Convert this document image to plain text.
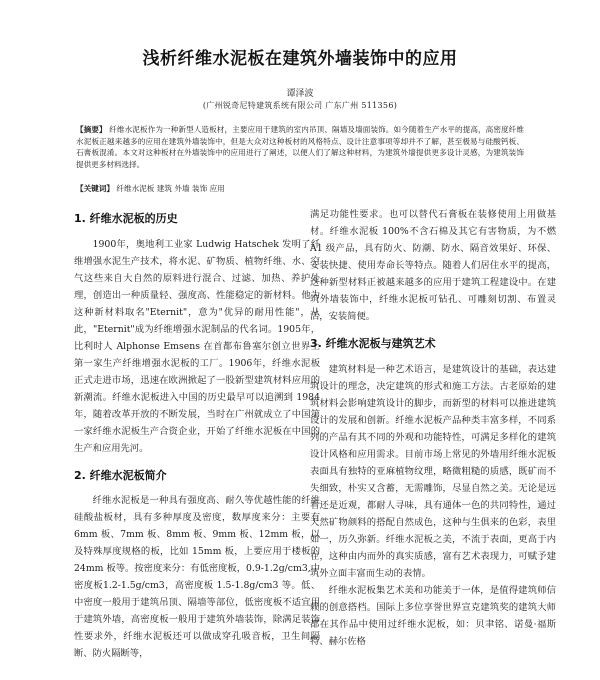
浅析纤维水泥板在建筑外墙装饰中的应用
谭泽波
(广州锐奇尼特建筑系统有限公司 广东广州 511356)
【摘要】 纤维水泥板作为一种新型人造板材，主要应用于建筑的室内吊顶、隔墙及墙面装饰。如今随着生产水平的提高，高密度纤维水泥板正越来越多的应用在建筑外墙装饰中，但是大众对这种板材的风格特点、设计注意事项等却并不了解，甚至极易与硅酸钙板、石膏板混淆。本文对这种板材在外墙装饰中的应用进行了阐述，以便人们了解这种材料，为建筑外墙提供更多设计灵感，为建筑装饰提供更多材料选择。
【关键词】 纤维水泥板 建筑 外墙 装饰 应用
1. 纤维水泥板的历史

1900年，奥地利工业家 Ludwig Hatschek 发明了纤维增强水泥生产技术，将水泥、矿物质、植物纤维、水、空气这些来自大自然的原料进行混合、过滤、加热、养护处理，创造出一种质量轻、强度高、性能稳定的新材料。他为这种新材料取名"Eternit"，意为"优异的耐用性能"，从此，"Eternit"成为纤维增强水泥制品的代名词。1905年，比利时人 Alphonse Emsens 在首都布鲁塞尔创立世界上第一家生产纤维增强水泥板的工厂。1906年，纤维水泥板正式走进市场，迅速在欧洲掀起了一股新型建筑材料应用的新潮流。纤维水泥板进入中国的历史最早可以追溯到 1984 年，随着改革开放的不断发展，当时在广州就成立了中国第一家纤维水泥板生产合资企业，开始了纤维水泥板在中国的生产和应用先河。

2. 纤维水泥板简介

纤维水泥板是一种具有强度高、耐久等优越性能的纤维硅酸盐板材，具有多种厚度及密度，数厚度来分：主要有 6mm 板、7mm 板、8mm 板、9mm 板、12mm 板，以及特殊厚度规格的板，比如 15mm 板，上要应用于楼板的 24mm 板等。按密度来分：有低密度板，0.9-1.2g/cm3,中密度板1.2-1.5g/cm3，高密度板 1.5-1.8g/cm3 等。低、中密度一般用于建筑吊顶、隔墙等部位，低密度板不适宜用于建筑外墙，高密度板一般用于建筑外墙装饰，除满足装饰性要求外，纤维水泥板还可以做成穿孔吸音板，卫生间隔断、防火隔断等，

满足功能性要求。也可以替代石膏板在装修使用上用做基材。纤维水泥板 100%不含石棉及其它有害物质，为不燃 A1 级产品，具有防火、防潮、防水、隔音效果好、环保、安装快捷、使用寿命长等特点。随着人们居住水平的提高，这种新型材料正被越来越多的应用于建筑工程建设中。在建筑外墙装饰中，纤维水泥板可钻孔、可雕刻切割、布置灵活，安装简便。

3. 纤维水泥板与建筑艺术

建筑材料是一种艺术语言，是建筑设计的基础，表达建筑设计的理念，决定建筑的形式和施工方法。古老原始的建筑材料会影响建筑设计的脚步，而新型的材料可以推进建筑设计的发展和创新。纤维水泥板产品种类丰富多样，不同系列的产品有其不同的外观和功能特性，可满足多样化的建筑设计风格和应用需求。目前市场上常见的外墙用纤维水泥板表面具有独特的亚麻植物纹理，略微粗糙的质感，既矿而不失细致，朴实又含蓄，无需雕饰，尽显自然之美。无论是远看还是近观，都耐人寻味，具有通体一色的共同特性，通过天然矿物颜料的搭配自然成色，这种与生俱来的色彩，表里如一，历久弥新。纤维水泥板之美，不流于表面，更高于内在，这种由内而外的真实质感，富有艺术表现力，可赋予建筑外立面丰富而生动的表情。

纤维水泥板集艺术美和功能美于一体，是值得建筑师信赖的创意搭档。国际上多位享誉世界宣克建筑奖的建筑大师都在其作品中使用过纤维水泥板，如：贝聿铭、诺曼·福斯特、赫尔佐格
